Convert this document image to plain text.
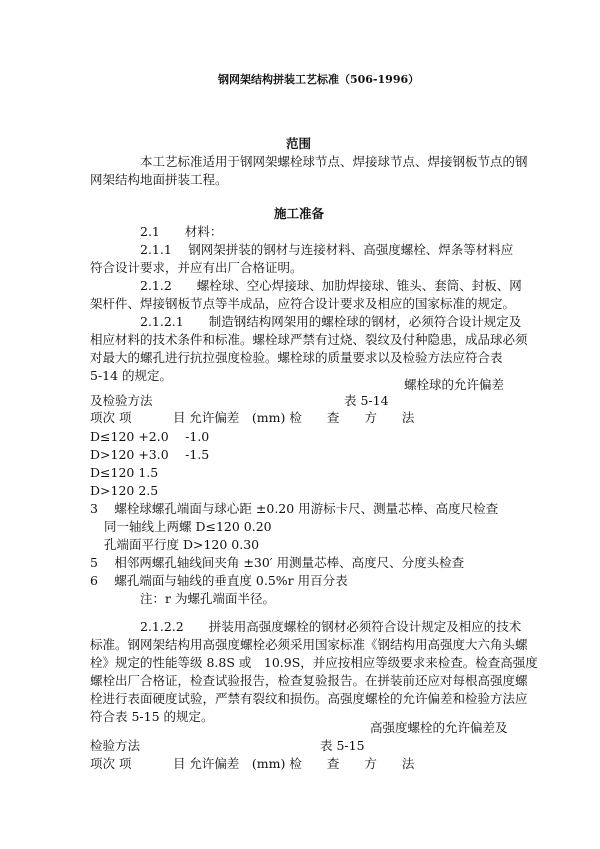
钢网架结构拼装工艺标准（506-1996）
范围
本工艺标准适用于钢网架螺栓球节点、焊接球节点、焊接钢板节点的钢
网架结构地面拼装工程。
施工准备
2.1　　材料：
2.1.1　 钢网架拼装的钢材与连接材料、高强度螺栓、焊条等材料应
符合设计要求，并应有出厂合格证明。
2.1.2　　螺栓球、空心焊接球、加肋焊接球、锥头、套筒、封板、网
架杆件、焊接钢板节点等半成品，应符合设计要求及相应的国家标准的规定。
2.1.2.1　　制造钢结构网架用的螺栓球的钢材，必须符合设计规定及
相应材料的技术条件和标准。螺栓球严禁有过烧、裂纹及付种隐患，成品球必须
对最大的螺孔进行抗拉强度检验。螺栓球的质量要求以及检验方法应符合表
5-14 的规定。
螺栓球的允许偏差
及检验方法	表 5-14
项次 项　　　 目 允许偏差　(mm) 检　　查　　方　　法
D≤120 +2.0　 -1.0
D>120 +3.0　 -1.5
D≤120 1.5
D>120 2.5
3　 螺栓球螺孔端面与球心距 ±0.20 用游标卡尺、测量芯棒、高度尺检查
同一轴线上两螺 D≤120 0.20
孔端面平行度 D>120 0.30
5　 相邻两螺孔轴线间夹角 ±30′ 用测量芯棒、高度尺、分度头检查
6　 螺孔端面与轴线的垂直度 0.5%r 用百分表
注：r 为螺孔端面半径。
2.1.2.2　　拼装用高强度螺栓的钢材必须符合设计规定及相应的技术
标准。钢网架结构用高强度螺栓必须采用国家标准《钢结构用高强度大六角头螺
栓》规定的性能等级 8.8S 或　10.9S，并应按相应等级要求来检查。检查高强度
螺栓出厂合格证，检查试验报告，检查复验报告。在拼装前还应对每根高强度螺
栓进行表面硬度试验，严禁有裂纹和损伤。高强度螺栓的允许偏差和检验方法应
符合表 5-15 的规定。
高强度螺栓的允许偏差及
检验方法	表 5-15
项次 项　　　 目 允许偏差　(mm) 检　　查　　方　　法
